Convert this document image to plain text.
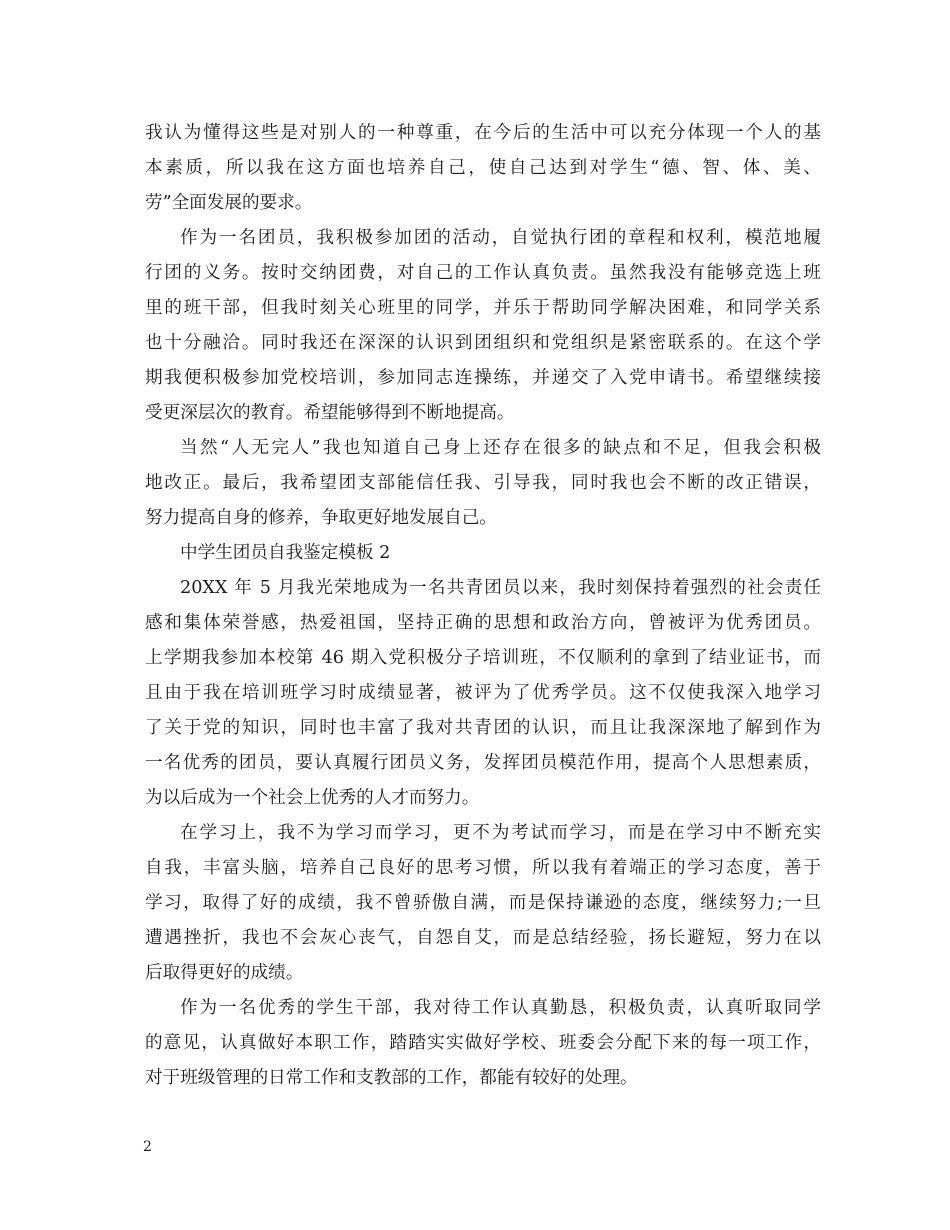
我认为懂得这些是对别人的一种尊重，在今后的生活中可以充分体现一个人的基
本素质，所以我在这方面也培养自己，使自己达到对学生“德、智、体、美、
劳”全面发展的要求。
作为一名团员，我积极参加团的活动，自觉执行团的章程和权利，模范地履
行团的义务。按时交纳团费，对自己的工作认真负责。虽然我没有能够竞选上班
里的班干部，但我时刻关心班里的同学，并乐于帮助同学解决困难，和同学关系
也十分融洽。同时我还在深深的认识到团组织和党组织是紧密联系的。在这个学
期我便积极参加党校培训，参加同志连操练，并递交了入党申请书。希望继续接
受更深层次的教育。希望能够得到不断地提高。
当然“人无完人”我也知道自己身上还存在很多的缺点和不足，但我会积极
地改正。最后，我希望团支部能信任我、引导我，同时我也会不断的改正错误，
努力提高自身的修养，争取更好地发展自己。
中学生团员自我鉴定模板 2
20XX 年 5 月我光荣地成为一名共青团员以来，我时刻保持着强烈的社会责任
感和集体荣誉感，热爱祖国，坚持正确的思想和政治方向，曾被评为优秀团员。
上学期我参加本校第 46 期入党积极分子培训班，不仅顺利的拿到了结业证书，而
且由于我在培训班学习时成绩显著，被评为了优秀学员。这不仅使我深入地学习
了关于党的知识，同时也丰富了我对共青团的认识，而且让我深深地了解到作为
一名优秀的团员，要认真履行团员义务，发挥团员模范作用，提高个人思想素质，
为以后成为一个社会上优秀的人才而努力。
在学习上，我不为学习而学习，更不为考试而学习，而是在学习中不断充实
自我，丰富头脑，培养自己良好的思考习惯，所以我有着端正的学习态度，善于
学习，取得了好的成绩，我不曾骄傲自满，而是保持谦逊的态度，继续努力;一旦
遭遇挫折，我也不会灰心丧气，自怨自艾，而是总结经验，扬长避短，努力在以
后取得更好的成绩。
作为一名优秀的学生干部，我对待工作认真勤恳，积极负责，认真听取同学
的意见，认真做好本职工作，踏踏实实做好学校、班委会分配下来的每一项工作，
对于班级管理的日常工作和支教部的工作，都能有较好的处理。
2
